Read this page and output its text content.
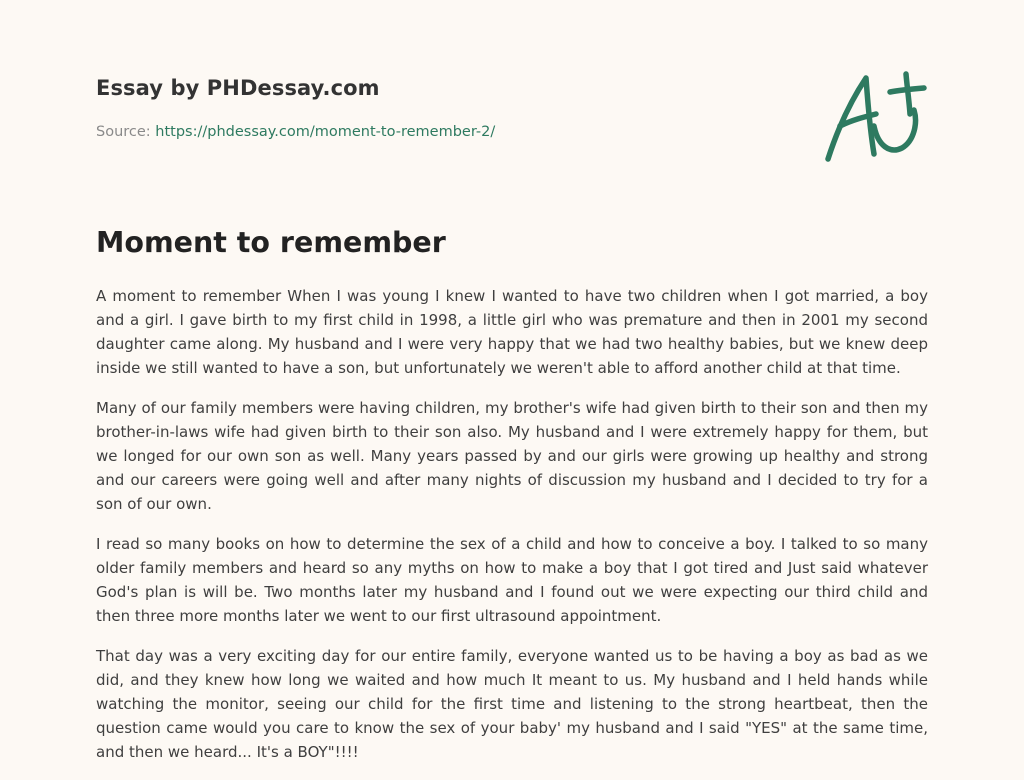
Essay by PHDessay.com
Source: https://phdessay.com/moment-to-remember-2/
Moment to remember

A moment to remember When I was young I knew I wanted to have two children when I got married, a boy and a girl. I gave birth to my first child in 1998, a little girl who was premature and then in 2001 my second daughter came along. My husband and I were very happy that we had two healthy babies, but we knew deep inside we still wanted to have a son, but unfortunately we weren't able to afford another child at that time.

Many of our family members were having children, my brother's wife had given birth to their son and then my brother-in-laws wife had given birth to their son also. My husband and I were extremely happy for them, but we longed for our own son as well. Many years passed by and our girls were growing up healthy and strong and our careers were going well and after many nights of discussion my husband and I decided to try for a son of our own.

I read so many books on how to determine the sex of a child and how to conceive a boy. I talked to so many older family members and heard so any myths on how to make a boy that I got tired and Just said whatever God's plan is will be. Two months later my husband and I found out we were expecting our third child and then three more months later we went to our first ultrasound appointment.

That day was a very exciting day for our entire family, everyone wanted us to be having a boy as bad as we did, and they knew how long we waited and how much It meant to us. My husband and I held hands while watching the monitor, seeing our child for the first time and listening to the strong heartbeat, then the question came would you care to know the sex of your baby' my husband and I said "YES" at the same time, and then we heard... It's a BOY"!!!!
